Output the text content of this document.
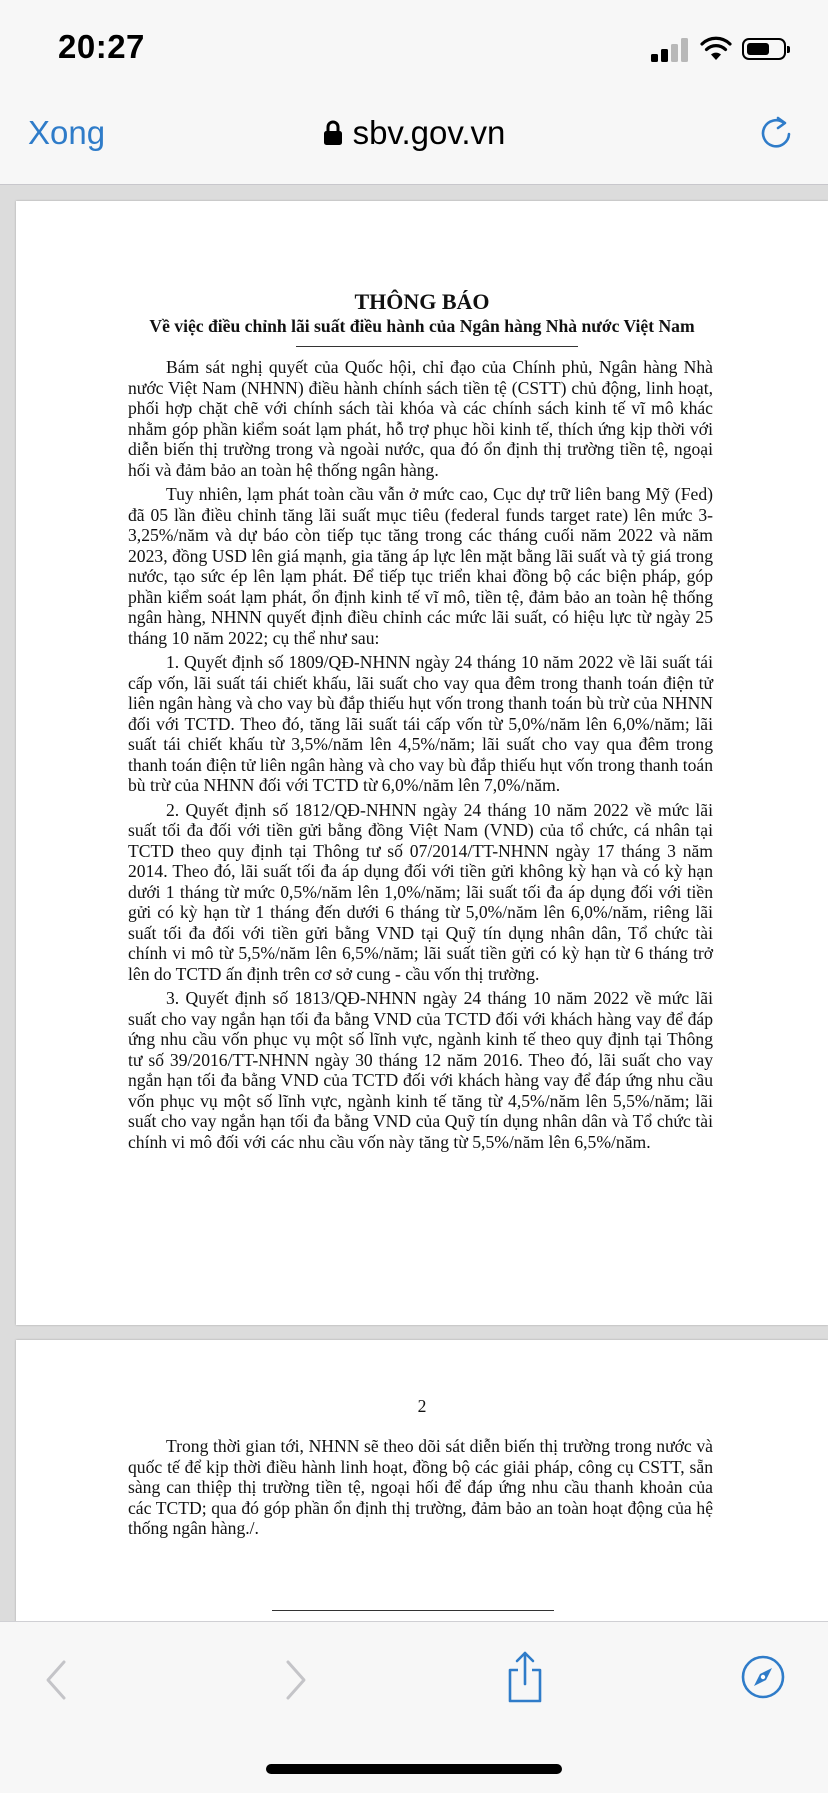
20:27
Xong	sbv.gov.vn
THÔNG BÁO
Về việc điều chỉnh lãi suất điều hành của Ngân hàng Nhà nước Việt Nam

Bám sát nghị quyết của Quốc hội, chỉ đạo của Chính phủ, Ngân hàng Nhà nước Việt Nam (NHNN) điều hành chính sách tiền tệ (CSTT) chủ động, linh hoạt, phối hợp chặt chẽ với chính sách tài khóa và các chính sách kinh tế vĩ mô khác nhằm góp phần kiểm soát lạm phát, hỗ trợ phục hồi kinh tế, thích ứng kịp thời với diễn biến thị trường trong và ngoài nước, qua đó ổn định thị trường tiền tệ, ngoại hối và đảm bảo an toàn hệ thống ngân hàng.

Tuy nhiên, lạm phát toàn cầu vẫn ở mức cao, Cục dự trữ liên bang Mỹ (Fed) đã 05 lần điều chỉnh tăng lãi suất mục tiêu (federal funds target rate) lên mức 3-3,25%/năm và dự báo còn tiếp tục tăng trong các tháng cuối năm 2022 và năm 2023, đồng USD lên giá mạnh, gia tăng áp lực lên mặt bằng lãi suất và tỷ giá trong nước, tạo sức ép lên lạm phát. Để tiếp tục triển khai đồng bộ các biện pháp, góp phần kiểm soát lạm phát, ổn định kinh tế vĩ mô, tiền tệ, đảm bảo an toàn hệ thống ngân hàng, NHNN quyết định điều chỉnh các mức lãi suất, có hiệu lực từ ngày 25 tháng 10 năm 2022; cụ thể như sau:

1. Quyết định số 1809/QĐ-NHNN ngày 24 tháng 10 năm 2022 về lãi suất tái cấp vốn, lãi suất tái chiết khấu, lãi suất cho vay qua đêm trong thanh toán điện tử liên ngân hàng và cho vay bù đắp thiếu hụt vốn trong thanh toán bù trừ của NHNN đối với TCTD. Theo đó, tăng lãi suất tái cấp vốn từ 5,0%/năm lên 6,0%/năm; lãi suất tái chiết khấu từ 3,5%/năm lên 4,5%/năm; lãi suất cho vay qua đêm trong thanh toán điện tử liên ngân hàng và cho vay bù đắp thiếu hụt vốn trong thanh toán bù trừ của NHNN đối với TCTD từ 6,0%/năm lên 7,0%/năm.

2. Quyết định số 1812/QĐ-NHNN ngày 24 tháng 10 năm 2022 về mức lãi suất tối đa đối với tiền gửi bằng đồng Việt Nam (VND) của tổ chức, cá nhân tại TCTD theo quy định tại Thông tư số 07/2014/TT-NHNN ngày 17 tháng 3 năm 2014. Theo đó, lãi suất tối đa áp dụng đối với tiền gửi không kỳ hạn và có kỳ hạn dưới 1 tháng từ mức 0,5%/năm lên 1,0%/năm; lãi suất tối đa áp dụng đối với tiền gửi có kỳ hạn từ 1 tháng đến dưới 6 tháng từ 5,0%/năm lên 6,0%/năm, riêng lãi suất tối đa đối với tiền gửi bằng VND tại Quỹ tín dụng nhân dân, Tổ chức tài chính vi mô từ 5,5%/năm lên 6,5%/năm; lãi suất tiền gửi có kỳ hạn từ 6 tháng trở lên do TCTD ấn định trên cơ sở cung - cầu vốn thị trường.

3. Quyết định số 1813/QĐ-NHNN ngày 24 tháng 10 năm 2022 về mức lãi suất cho vay ngắn hạn tối đa bằng VND của TCTD đối với khách hàng vay để đáp ứng nhu cầu vốn phục vụ một số lĩnh vực, ngành kinh tế theo quy định tại Thông tư số 39/2016/TT-NHNN ngày 30 tháng 12 năm 2016. Theo đó, lãi suất cho vay ngắn hạn tối đa bằng VND của TCTD đối với khách hàng vay để đáp ứng nhu cầu vốn phục vụ một số lĩnh vực, ngành kinh tế tăng từ 4,5%/năm lên 5,5%/năm; lãi suất cho vay ngắn hạn tối đa bằng VND của Quỹ tín dụng nhân dân và Tổ chức tài chính vi mô đối với các nhu cầu vốn này tăng từ 5,5%/năm lên 6,5%/năm.

2

Trong thời gian tới, NHNN sẽ theo dõi sát diễn biến thị trường trong nước và quốc tế để kịp thời điều hành linh hoạt, đồng bộ các giải pháp, công cụ CSTT, sẵn sàng can thiệp thị trường tiền tệ, ngoại hối để đáp ứng nhu cầu thanh khoản của các TCTD; qua đó góp phần ổn định thị trường, đảm bảo an toàn hoạt động của hệ thống ngân hàng./.
